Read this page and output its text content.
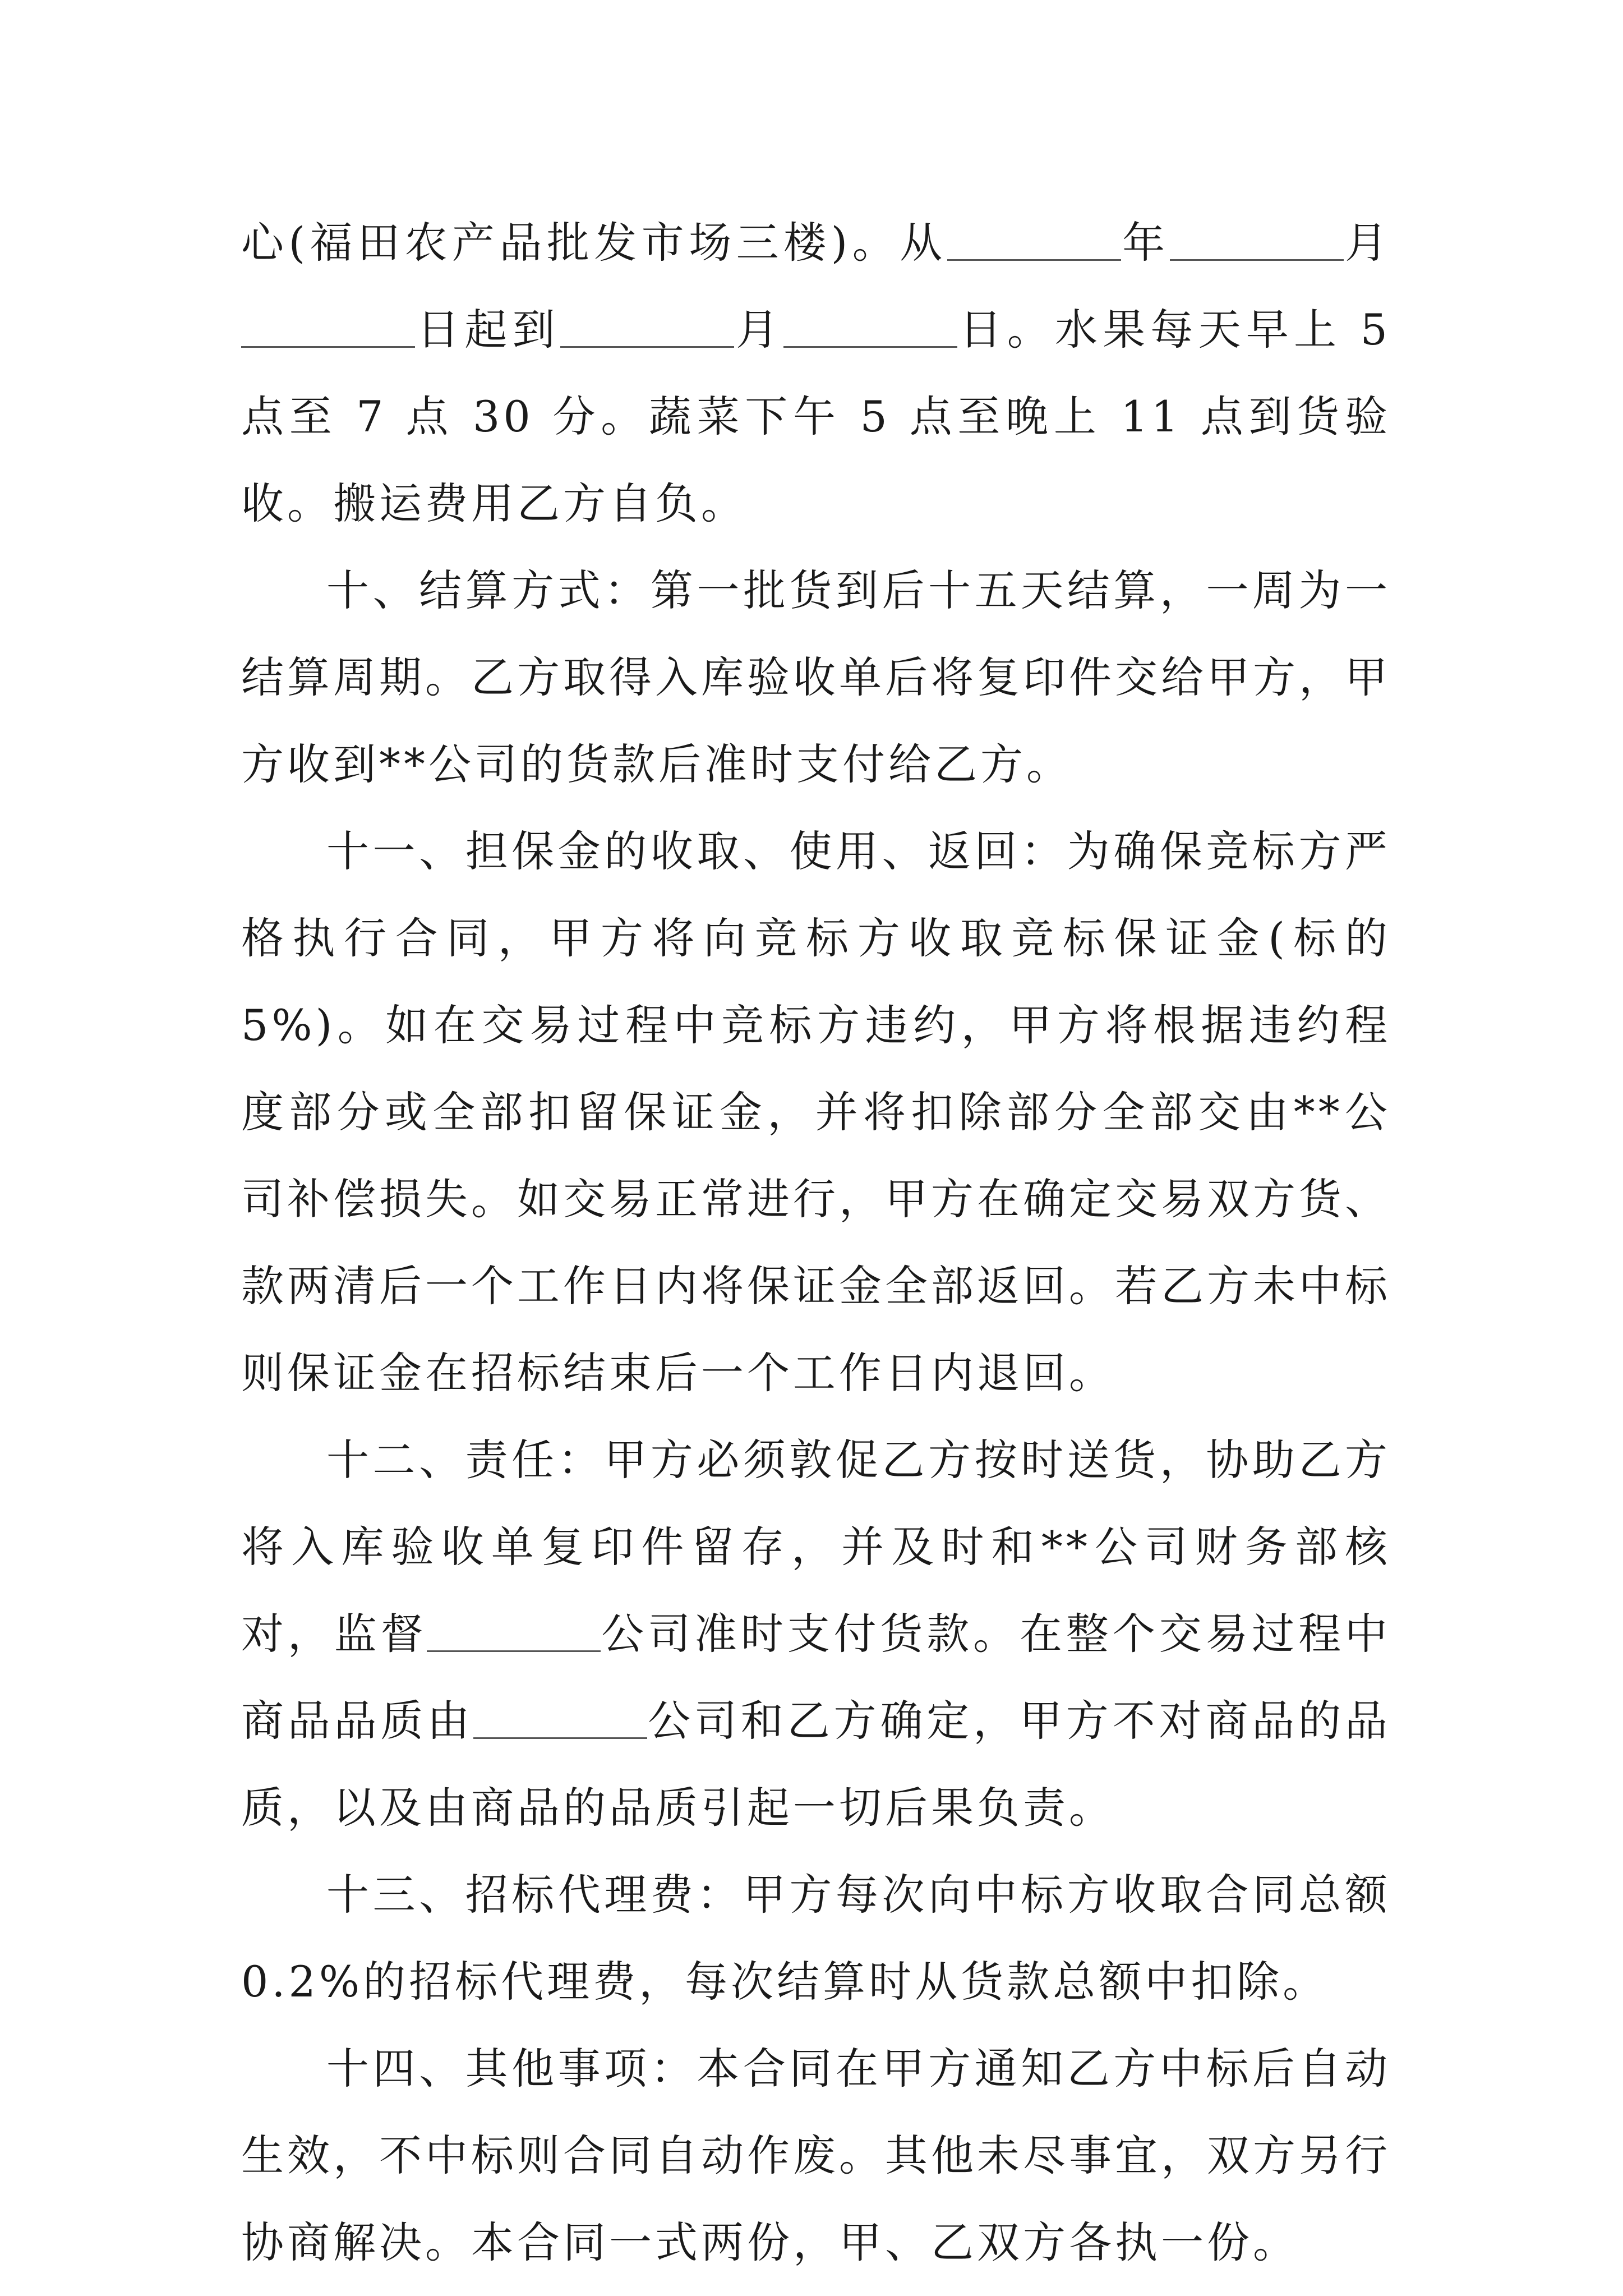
心(福田农产品批发市场三楼)。从	年	月日起到	月	日。水果每天早上 5 点至 7 点 30 分。蔬菜下午 5 点至晚上 11 点到货验收。搬运费用乙方自负。

十、结算方式：第一批货到后十五天结算，一周为一结算周期。乙方取得入库验收单后将复印件交给甲方，甲方收到**公司的货款后准时支付给乙方。

十一、担保金的收取、使用、返回：为确保竞标方严格执行合同，甲方将向竞标方收取竞标保证金(标的 5%)。如在交易过程中竞标方违约，甲方将根据违约程度部分或全部扣留保证金，并将扣除部分全部交由**公司补偿损失。如交易正常进行，甲方在确定交易双方货、款两清后一个工作日内将保证金全部返回。若乙方未中标则保证金在招标结束后一个工作日内退回。

十二、责任：甲方必须敦促乙方按时送货，协助乙方将入库验收单复印件留存，并及时和**公司财务部核对，监督	公司准时支付货款。在整个交易过程中商品品质由	公司和乙方确定，甲方不对商品的品质，以及由商品的品质引起一切后果负责。

十三、招标代理费：甲方每次向中标方收取合同总额 0.2%的招标代理费，每次结算时从货款总额中扣除。

十四、其他事项：本合同在甲方通知乙方中标后自动生效，不中标则合同自动作废。其他未尽事宜，双方另行协商解决。本合同一式两份，甲、乙双方各执一份。
